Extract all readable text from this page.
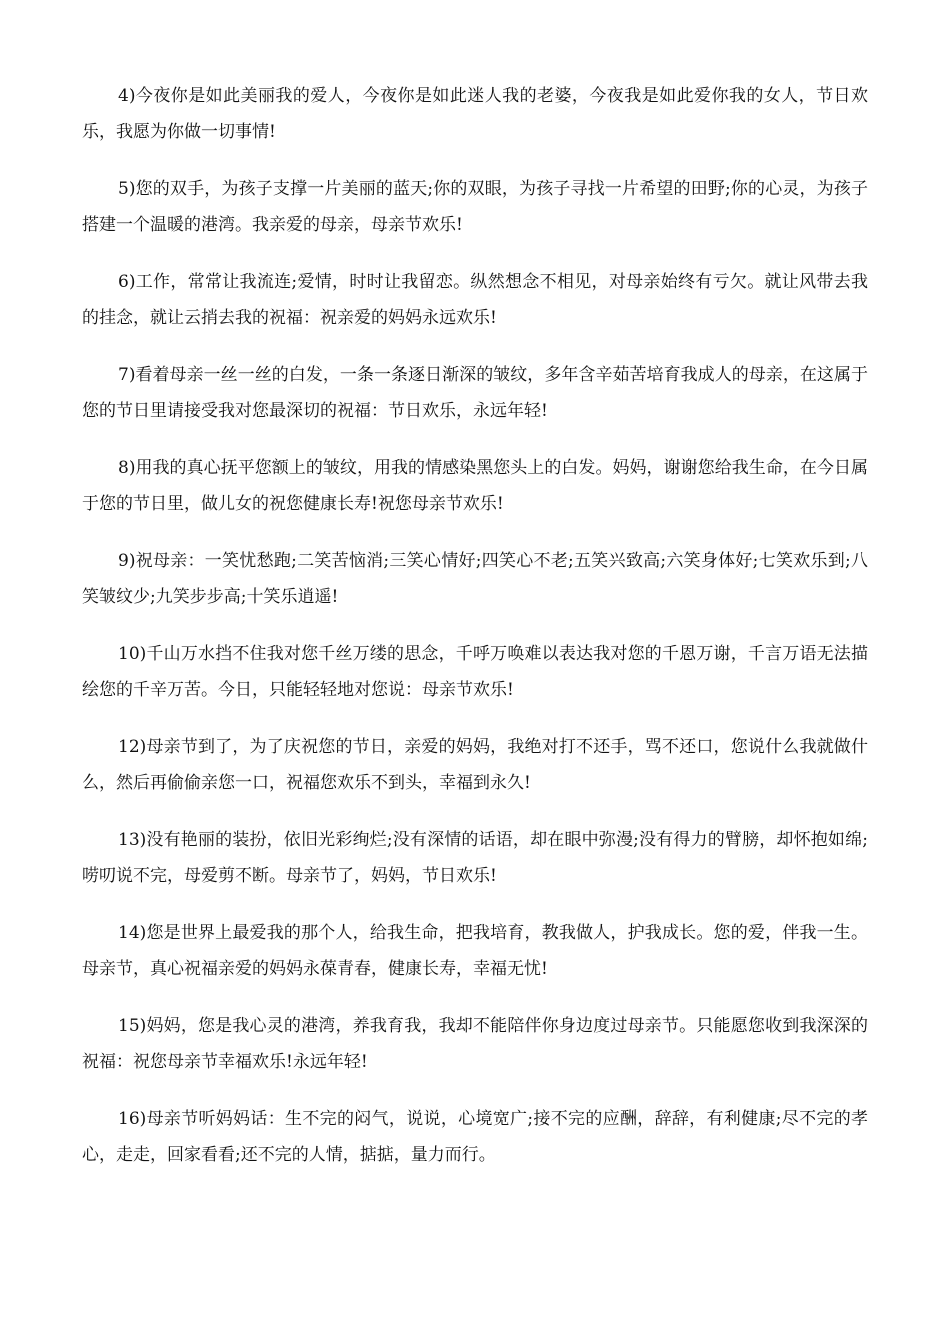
4)今夜你是如此美丽我的爱人，今夜你是如此迷人我的老婆，今夜我是如此爱你我的女人，节日欢乐，我愿为你做一切事情!

5)您的双手，为孩子支撑一片美丽的蓝天;你的双眼，为孩子寻找一片希望的田野;你的心灵，为孩子搭建一个温暖的港湾。我亲爱的母亲，母亲节欢乐!

6)工作，常常让我流连;爱情，时时让我留恋。纵然想念不相见，对母亲始终有亏欠。就让风带去我的挂念，就让云捎去我的祝福：祝亲爱的妈妈永远欢乐!

7)看着母亲一丝一丝的白发，一条一条逐日渐深的皱纹，多年含辛茹苦培育我成人的母亲，在这属于您的节日里请接受我对您最深切的祝福：节日欢乐，永远年轻!

8)用我的真心抚平您额上的皱纹，用我的情感染黑您头上的白发。妈妈，谢谢您给我生命，在今日属于您的节日里，做儿女的祝您健康长寿!祝您母亲节欢乐!

9)祝母亲：一笑忧愁跑;二笑苦恼消;三笑心情好;四笑心不老;五笑兴致高;六笑身体好;七笑欢乐到;八笑皱纹少;九笑步步高;十笑乐逍遥!

10)千山万水挡不住我对您千丝万缕的思念，千呼万唤难以表达我对您的千恩万谢，千言万语无法描绘您的千辛万苦。今日，只能轻轻地对您说：母亲节欢乐!

12)母亲节到了，为了庆祝您的节日，亲爱的妈妈，我绝对打不还手，骂不还口，您说什么我就做什么，然后再偷偷亲您一口，祝福您欢乐不到头，幸福到永久!

13)没有艳丽的装扮，依旧光彩绚烂;没有深情的话语，却在眼中弥漫;没有得力的臂膀，却怀抱如绵;唠叨说不完，母爱剪不断。母亲节了，妈妈，节日欢乐!

14)您是世界上最爱我的那个人，给我生命，把我培育，教我做人，护我成长。您的爱，伴我一生。母亲节，真心祝福亲爱的妈妈永葆青春，健康长寿，幸福无忧!

15)妈妈，您是我心灵的港湾，养我育我，我却不能陪伴你身边度过母亲节。只能愿您收到我深深的祝福：祝您母亲节幸福欢乐!永远年轻!

16)母亲节听妈妈话：生不完的闷气，说说，心境宽广;接不完的应酬，辞辞，有利健康;尽不完的孝心，走走，回家看看;还不完的人情，掂掂，量力而行。
